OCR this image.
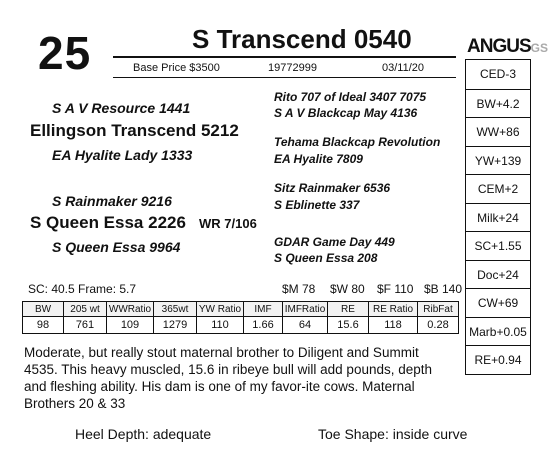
25	S Transcend 0540
Base Price $3500	19772999	03/11/20
ANGUSGS
CED-3
BW+4.2
WW+86
YW+139
CEM+2
Milk+24
SC+1.55
Doc+24
CW+69
Marb+0.05
RE+0.94
S A V Resource 1441
Ellingson Transcend 5212
EA Hyalite Lady 1333
S Rainmaker 9216
S Queen Essa 2226 WR 7/106
S Queen Essa 9964
Rito 707 of Ideal 3407 7075
S A V Blackcap May 4136
Tehama Blackcap Revolution
EA Hyalite 7809
Sitz Rainmaker 6536
S Eblinette 337
GDAR Game Day 449
S Queen Essa 208
SC: 40.5 Frame: 5.7	$M 78 $W 80 $F 110 $B 140
BW	205 wt	WWRatio	365wt	YW Ratio	IMF	IMFRatio	RE	RE Ratio	RibFat
98	761	109	1279	110	1.66	64	15.6	118	0.28
Moderate, but really stout maternal brother to Diligent and Summit 4535. This heavy muscled, 15.6 in ribeye bull will add pounds, depth and fleshing ability. His dam is one of my favor-ite cows. Maternal Brothers 20 & 33
Heel Depth: adequate	Toe Shape: inside curve
